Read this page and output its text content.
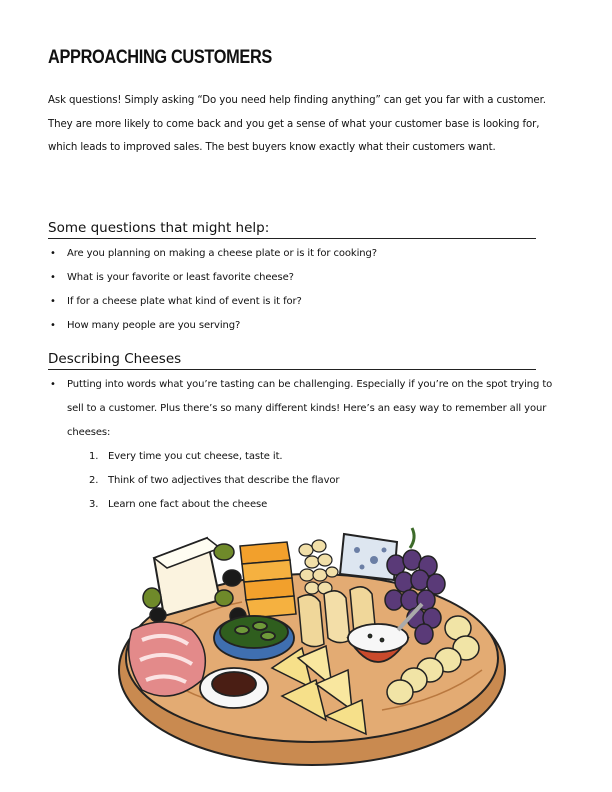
APPROACHING CUSTOMERS

Ask questions! Simply asking “Do you need help finding anything” can get you far with a customer. They are more likely to come back and you get a sense of what your customer base is looking for, which leads to improved sales. The best buyers know exactly what their customers want.

Some questions that might help:
• Are you planning on making a cheese plate or is it for cooking?
• What is your favorite or least favorite cheese?
• If for a cheese plate what kind of event is it for?
• How many people are you serving?
Describing Cheeses
• Putting into words what you’re tasting can be challenging. Especially if you’re on the spot trying to sell to a customer. Plus there’s so many different kinds! Here’s an easy way to remember all your cheeses:
1. Every time you cut cheese, taste it.
2. Think of two adjectives that describe the flavor
3. Learn one fact about the cheese
